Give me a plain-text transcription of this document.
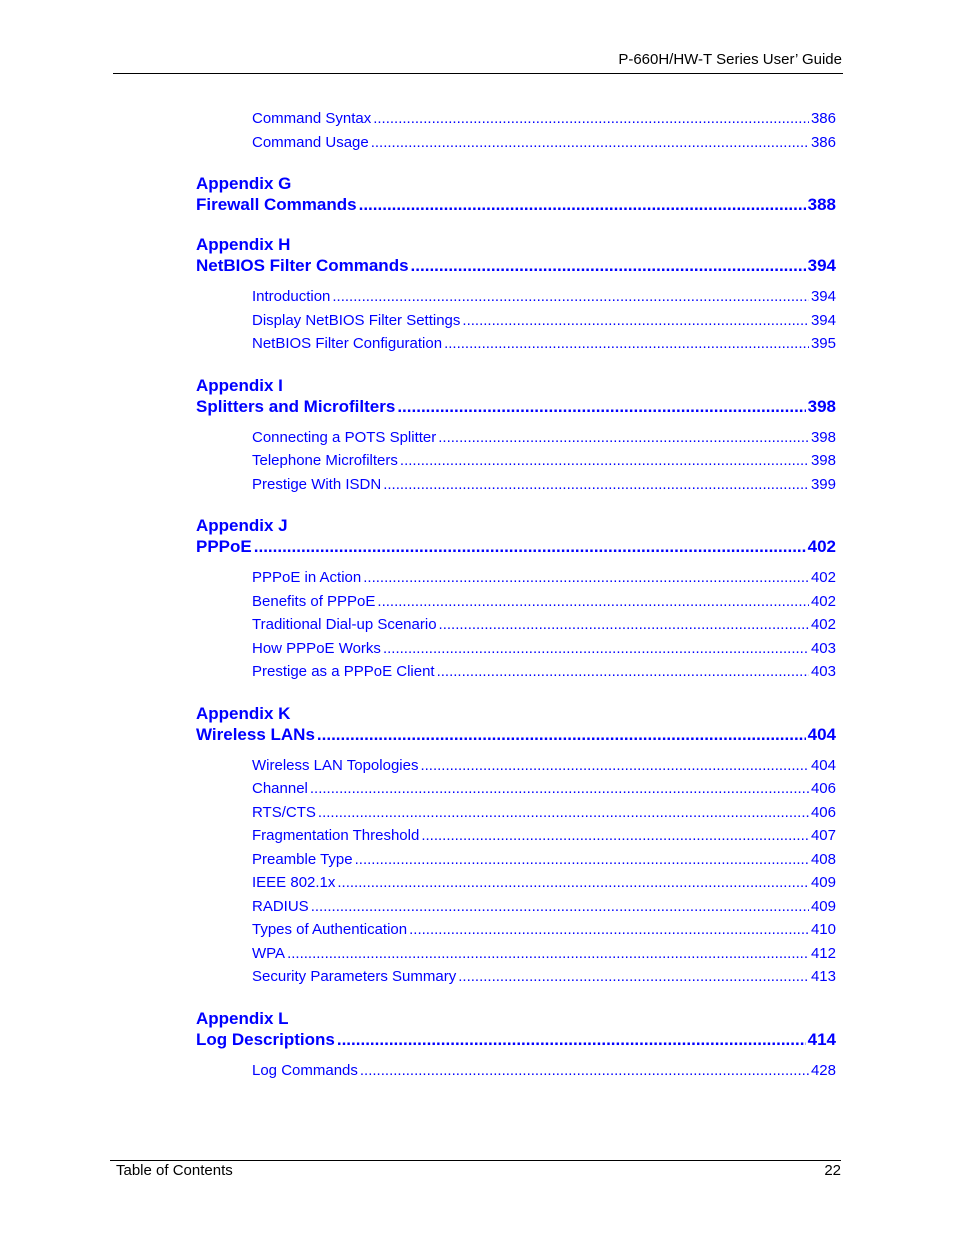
P-660H/HW-T Series User’ Guide
Command Syntax .....	386
Command Usage .....	386
Appendix G
Firewall Commands .....	388
Appendix H
NetBIOS Filter Commands .....	394
Introduction .....	394
Display NetBIOS Filter Settings .....	394
NetBIOS Filter Configuration .....	395
Appendix I
Splitters and Microfilters .....	398
Connecting a POTS Splitter .....	398
Telephone Microfilters .....	398
Prestige With ISDN .....	399
Appendix J
PPPoE .....	402
PPPoE in Action .....	402
Benefits of PPPoE .....	402
Traditional Dial-up Scenario .....	402
How PPPoE Works .....	403
Prestige as a PPPoE Client .....	403
Appendix K
Wireless LANs .....	404
Wireless LAN Topologies .....	404
Channel .....	406
RTS/CTS .....	406
Fragmentation Threshold .....	407
Preamble Type .....	408
IEEE 802.1x .....	409
RADIUS .....	409
Types of Authentication .....	410
WPA .....	412
Security Parameters Summary .....	413
Appendix L
Log Descriptions .....	414
Log Commands .....	428
Table of Contents	22
